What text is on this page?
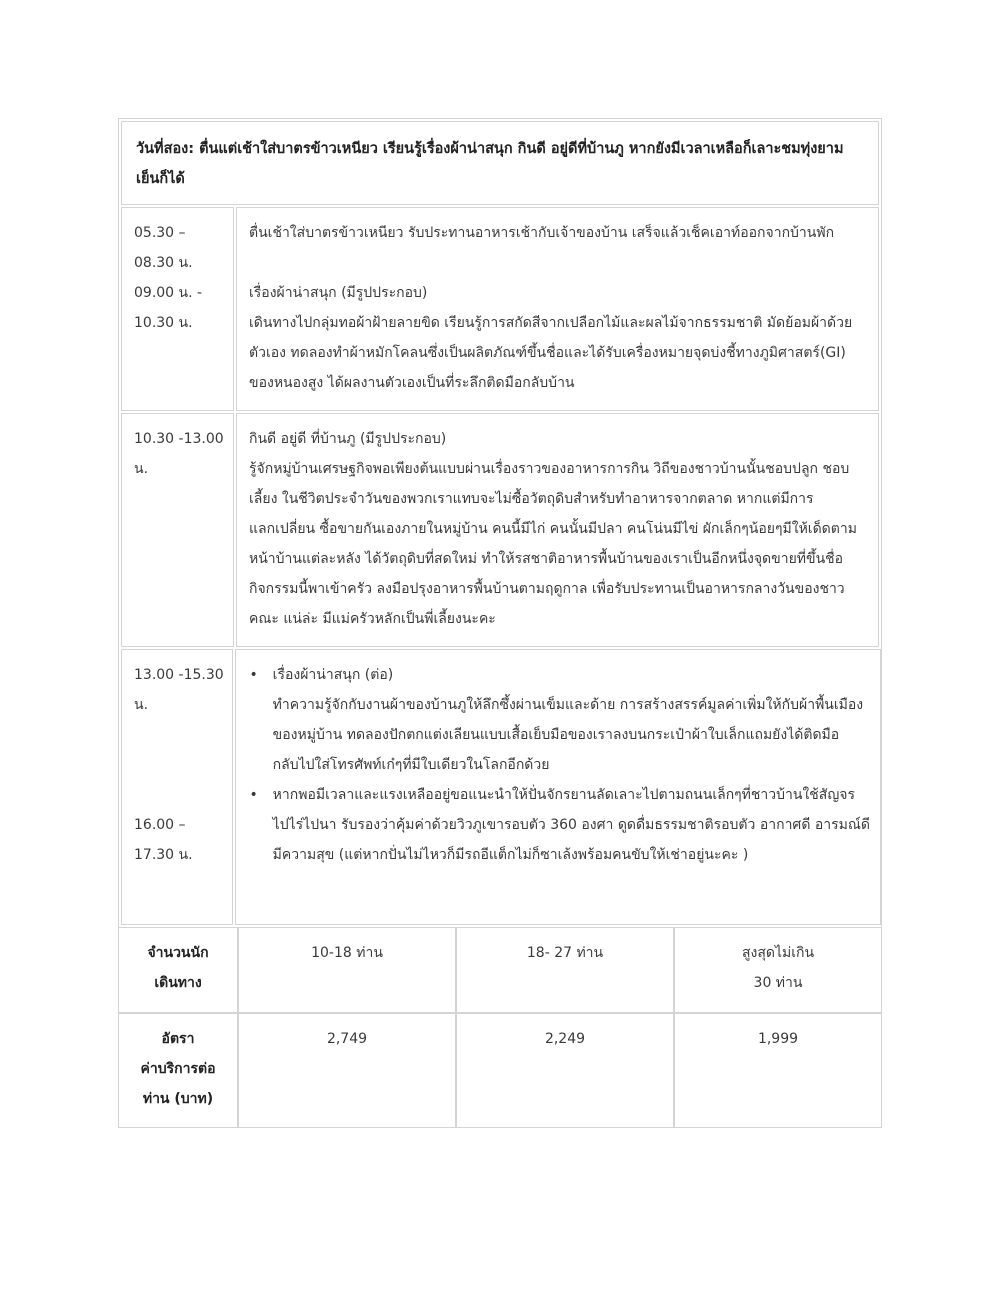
วันที่สอง: ตื่นแต่เช้าใส่บาตรข้าวเหนียว เรียนรู้เรื่องผ้าน่าสนุก กินดี อยู่ดีที่บ้านภู หากยังมีเวลาเหลือก็เลาะชมทุ่งยาม
เย็นก็ได้
05.30 –
08.30 น.
09.00 น. -
10.30 น.
ตื่นเช้าใส่บาตรข้าวเหนียว รับประทานอาหารเช้ากับเจ้าของบ้าน เสร็จแล้วเช็คเอาท์ออกจากบ้านพัก
เรื่องผ้าน่าสนุก (มีรูปประกอบ)
เดินทางไปกลุ่มทอผ้าฝ้ายลายขิด เรียนรู้การสกัดสีจากเปลือกไม้และผลไม้จากธรรมชาติ มัดย้อมผ้าด้วย
ตัวเอง ทดลองทำผ้าหมักโคลนซึ่งเป็นผลิตภัณฑ์ขึ้นชื่อและได้รับเครื่องหมายจุดบ่งชี้ทางภูมิศาสตร์(GI)
ของหนองสูง ได้ผลงานตัวเองเป็นที่ระลึกติดมือกลับบ้าน
10.30 -13.00
น.
กินดี อยู่ดี ที่บ้านภู (มีรูปประกอบ)
รู้จักหมู่บ้านเศรษฐกิจพอเพียงต้นแบบผ่านเรื่องราวของอาหารการกิน วิถีของชาวบ้านนั้นชอบปลูก ชอบ
เลี้ยง ในชีวิตประจำวันของพวกเราแทบจะไม่ซื้อวัตถุดิบสำหรับทำอาหารจากตลาด หากแต่มีการ
แลกเปลี่ยน ซื้อขายกันเองภายในหมู่บ้าน คนนี้มีไก่ คนนั้นมีปลา คนโน่นมีไข่ ผักเล็กๆน้อยๆมีให้เด็ดตาม
หน้าบ้านแต่ละหลัง ได้วัตถุดิบที่สดใหม่ ทำให้รสชาติอาหารพื้นบ้านของเราเป็นอีกหนึ่งจุดขายที่ขึ้นชื่อ
กิจกรรมนี้พาเข้าครัว ลงมือปรุงอาหารพื้นบ้านตามฤดูกาล เพื่อรับประทานเป็นอาหารกลางวันของชาว
คณะ แน่ล่ะ มีแม่ครัวหลักเป็นพี่เลี้ยงนะคะ
13.00 -15.30
น.
16.00 –
17.30 น.
• เรื่องผ้าน่าสนุก (ต่อ)
ทำความรู้จักกับงานผ้าของบ้านภูให้ลึกซึ้งผ่านเข็มและด้าย การสร้างสรรค์มูลค่าเพิ่มให้กับผ้าพื้นเมือง
ของหมู่บ้าน ทดลองปักตกแต่งเลียนแบบเสื้อเย็บมือของเราลงบนกระเป๋าผ้าใบเล็กแถมยังได้ติดมือ
กลับไปใส่โทรศัพท์เก๋ๆที่มีใบเดียวในโลกอีกด้วย
• หากพอมีเวลาและแรงเหลืออยู่ขอแนะนำให้ปั่นจักรยานลัดเลาะไปตามถนนเล็กๆที่ชาวบ้านใช้สัญจร
ไปไร่ไปนา รับรองว่าคุ้มค่าด้วยวิวภูเขารอบตัว 360 องศา ดูดดื่มธรรมชาติรอบตัว อากาศดี อารมณ์ดี
มีความสุข (แต่หากปั่นไม่ไหวก็มีรถอีแต็กไม่ก็ซาเล้งพร้อมคนขับให้เช่าอยู่นะคะ )
จำนวนนัก
เดินทาง
อัตรา
ค่าบริการต่อ
ท่าน (บาท)
10-18 ท่าน
2,749
18- 27 ท่าน
2,249
สูงสุดไม่เกิน
30 ท่าน
1,999
